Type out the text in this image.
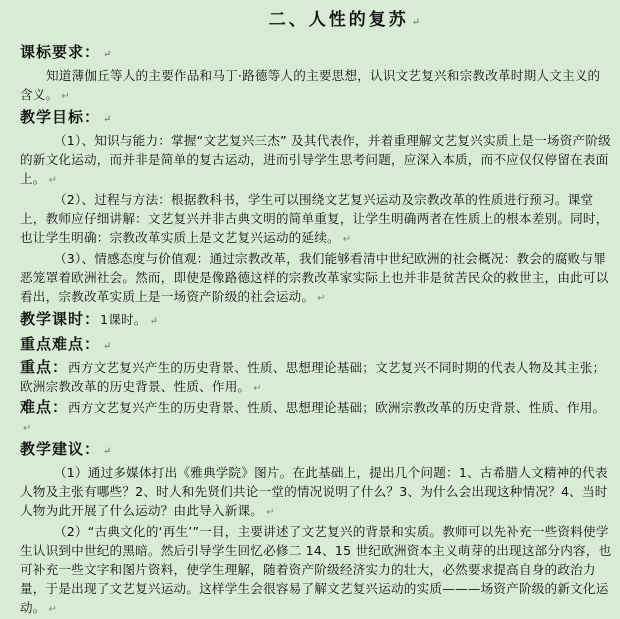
二、人性的复苏 ↵
课标要求： ↵

知道薄伽丘等人的主要作品和马丁·路德等人的主要思想，认识文艺复兴和宗教改革时期人文主义的含义。 ↵

教学目标： ↵

（1）、知识与能力：掌握“文艺复兴三杰” 及其代表作，并着重理解文艺复兴实质上是一场资产阶级的新文化运动，而并非是简单的复古运动，进而引导学生思考问题，应深入本质，而不应仅仅停留在表面上。 ↵

（2）、过程与方法：根据教科书，学生可以围绕文艺复兴运动及宗教改革的性质进行预习。课堂上，教师应仔细讲解：文艺复兴并非古典文明的简单重复，让学生明确两者在性质上的根本差别。同时，也让学生明确：宗教改革实质上是文艺复兴运动的延续。 ↵

（3）、情感态度与价值观：通过宗教改革，我们能够看清中世纪欧洲的社会概况：教会的腐败与罪恶笼罩着欧洲社会。然而，即使是像路德这样的宗教改革家实际上也并非是贫苦民众的救世主，由此可以看出，宗教改革实质上是一场资产阶级的社会运动。 ↵

教学课时：1课时。 ↵
重点难点： ↵

重点：西方文艺复兴产生的历史背景、性质、思想理论基础；文艺复兴不同时期的代表人物及其主张；欧洲宗教改革的历史背景、性质、作用。 ↵

难点：西方文艺复兴产生的历史背景、性质、思想理论基础；欧洲宗教改革的历史背景、性质、作用。↵

教学建议： ↵

（1）通过多媒体打出《雅典学院》图片。在此基础上，提出几个问题：1、古希腊人文精神的代表人物及主张有哪些？2、时人和先贤们共论一堂的情况说明了什么？3、为什么会出现这种情况？4、当时人物为此开展了什么运动？由此导入新课。 ↵

（2）“古典文化的‘再生’”一目，主要讲述了文艺复兴的背景和实质。教师可以先补充一些资料使学生认识到中世纪的黑暗。然后引导学生回忆必修二 14、15 世纪欧洲资本主义萌芽的出现这部分内容，也可补充一些文字和图片资料，使学生理解，随着资产阶级经济实力的壮大，必然要求提高自身的政治力量，于是出现了文艺复兴运动。这样学生会很容易了解文艺复兴运动的实质———场资产阶级的新文化运动。 ↵
